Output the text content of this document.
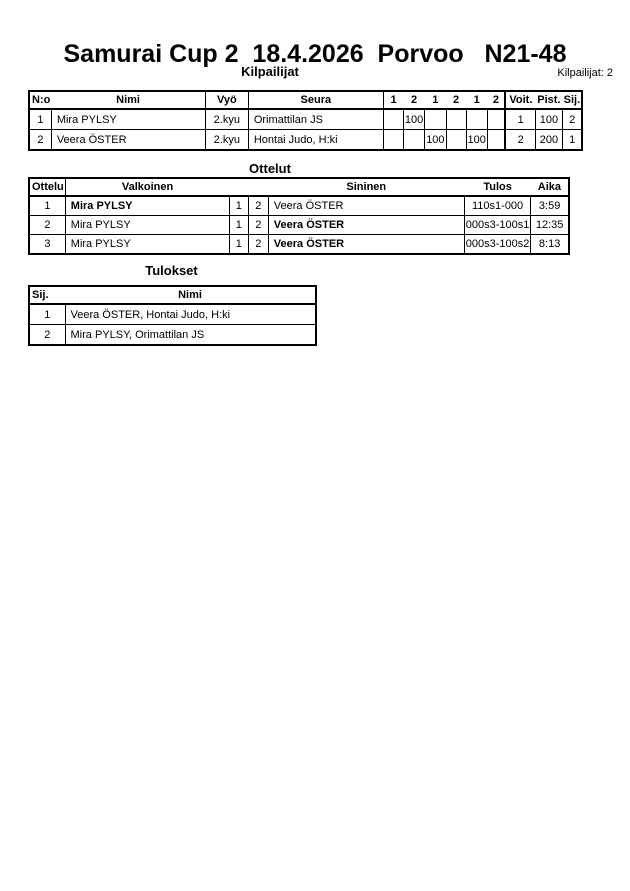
Samurai Cup 2  18.4.2026  Porvoo   N21-48
Kilpailijat	Kilpailijat: 2
N:o	Nimi	Vyö	Seura	1	2	1	2	1	2	Voit.	Pist.	Sij.
1	Mira PYLSY	2.kyu	Orimattilan JS		100					1	100	2
2	Veera ÖSTER	2.kyu	Hontai Judo, H:ki			100		100		2	200	1
Ottelut
Ottelu	Valkoinen			Sininen	Tulos	Aika
1	Mira PYLSY	1	2	Veera ÖSTER	110s1-000	3:59
2	Mira PYLSY	1	2	Veera ÖSTER	000s3-100s1	12:35
3	Mira PYLSY	1	2	Veera ÖSTER	000s3-100s2	8:13
Tulokset
Sij.	Nimi
1	Veera ÖSTER, Hontai Judo, H:ki
2	Mira PYLSY, Orimattilan JS
